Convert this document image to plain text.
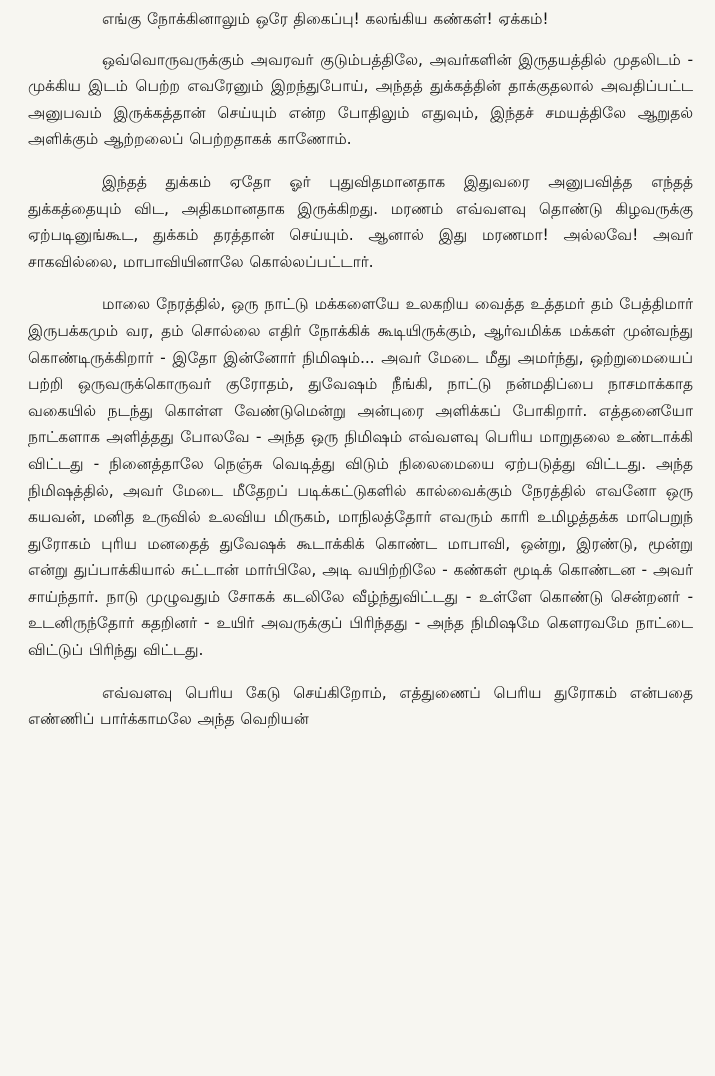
எங்கு நோக்கினாலும் ஒரே திகைப்பு! கலங்கிய கண்கள்! ஏக்கம்!

ஒவ்வொருவருக்கும் அவரவர் குடும்பத்திலே, அவர்களின் இருதயத்தில் முதலிடம் - முக்கிய இடம் பெற்ற எவரேனும் இறந்துபோய், அந்தத் துக்கத்தின் தாக்குதலால் அவதிப்பட்ட அனுபவம் இருக்கத்தான் செய்யும் என்ற போதிலும் எதுவும், இந்தச் சமயத்திலே ஆறுதல் அளிக்கும் ஆற்றலைப் பெற்றதாகக் காணோம்.

இந்தத் துக்கம் ஏதோ ஓர் புதுவிதமானதாக இதுவரை அனுபவித்த எந்தத் துக்கத்தையும் விட, அதிகமானதாக இருக்கிறது. மரணம் எவ்வளவு தொண்டு கிழவருக்கு ஏற்படினுங்கூட, துக்கம் தரத்தான் செய்யும். ஆனால் இது மரணமா! அல்லவே! அவர் சாகவில்லை, மாபாவியினாலே கொல்லப்பட்டார்.

மாலை நேரத்தில், ஒரு நாட்டு மக்களையே உலகறிய வைத்த உத்தமர் தம் பேத்திமார் இருபக்கமும் வர, தம் சொல்லை எதிர் நோக்கிக் கூடியிருக்கும், ஆர்வமிக்க மக்கள் முன்வந்து கொண்டிருக்கிறார் - இதோ இன்னோர் நிமிஷம்... அவர் மேடை மீது அமர்ந்து, ஒற்றுமையைப் பற்றி ஒருவருக்கொருவர் குரோதம், துவேஷம் நீங்கி, நாட்டு நன்மதிப்பை நாசமாக்காத வகையில் நடந்து கொள்ள வேண்டுமென்று அன்புரை அளிக்கப் போகிறார். எத்தனையோ நாட்களாக அளித்தது போலவே - அந்த ஒரு நிமிஷம் எவ்வளவு பெரிய மாறுதலை உண்டாக்கி விட்டது - நினைத்தாலே நெஞ்சு வெடித்து விடும் நிலைமையை ஏற்படுத்து விட்டது. அந்த நிமிஷத்தில், அவர் மேடை மீதேறப் படிக்கட்டுகளில் கால்வைக்கும் நேரத்தில் எவனோ ஒரு கயவன், மனித உருவில் உலவிய மிருகம், மாநிலத்தோர் எவரும் காரி உமிழத்தக்க மாபெறுந் துரோகம் புரிய மனதைத் துவேஷக் கூடாக்கிக் கொண்ட மாபாவி, ஒன்று, இரண்டு, மூன்று என்று துப்பாக்கியால் சுட்டான் மார்பிலே, அடி வயிற்றிலே - கண்கள் மூடிக் கொண்டன - அவர் சாய்ந்தார். நாடு முழுவதும் சோகக் கடலிலே வீழ்ந்துவிட்டது - உள்ளே கொண்டு சென்றனர் - உடனிருந்தோர் கதறினர் - உயிர் அவருக்குப் பிரிந்தது - அந்த நிமிஷமே கௌரவமே நாட்டை விட்டுப் பிரிந்து விட்டது.

எவ்வளவு பெரிய கேடு செய்கிறோம், எத்துணைப் பெரிய துரோகம் என்பதை எண்ணிப் பார்க்காமலே அந்த வெறியன்
